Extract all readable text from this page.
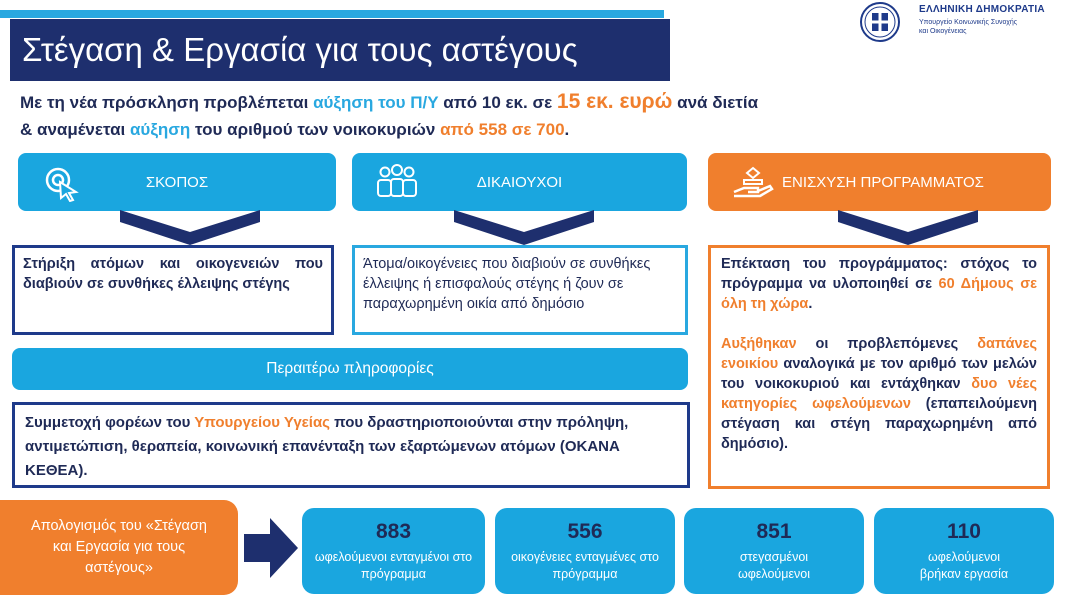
Στέγαση & Εργασία για τους αστέγους
ΕΛΛΗΝΙΚΗ ΔΗΜΟΚΡΑΤΙΑ
Υπουργείο Κοινωνικής Συνοχής
και Οικογένειας
Με τη νέα πρόσκληση προβλέπεται αύξηση του Π/Υ από 10 εκ. σε 15 εκ. ευρώ ανά διετία
& αναμένεται αύξηση του αριθμού των νοικοκυριών από 558 σε 700.
ΣΚΟΠΟΣ
Στήριξη ατόμων και οικογενειών που διαβιούν σε συνθήκες έλλειψης στέγης
ΔΙΚΑΙΟΥΧΟΙ
Άτομα/οικογένειες που διαβιούν σε συνθήκες έλλειψης ή επισφαλούς στέγης ή ζουν σε παραχωρημένη οικία από δημόσιο
ΕΝΙΣΧΥΣΗ ΠΡΟΓΡΑΜΜΑΤΟΣ
Επέκταση του προγράμματος: στόχος το πρόγραμμα να υλοποιηθεί σε 60 Δήμους σε όλη τη χώρα.
Αυξήθηκαν οι προβλεπόμενες δαπάνες ενοικίου αναλογικά με τον αριθμό των μελών του νοικοκυριού και εντάχθηκαν δυο νέες κατηγορίες ωφελούμενων (επαπειλούμενη στέγαση και στέγη παραχωρημένη από δημόσιο).
Περαιτέρω πληροφορίες
Συμμετοχή φορέων του Υπουργείου Υγείας που δραστηριοποιούνται στην πρόληψη, αντιμετώπιση, θεραπεία, κοινωνική επανένταξη των εξαρτώμενων ατόμων (ΟΚΑΝΑ ΚΕΘΕΑ).
Απολογισμός του «Στέγαση και Εργασία για τους αστέγους»
883
ωφελούμενοι ενταγμένοι στο πρόγραμμα
556
οικογένειες ενταγμένες στο πρόγραμμα
851
στεγασμένοι ωφελούμενοι
110
ωφελούμενοι βρήκαν εργασία
